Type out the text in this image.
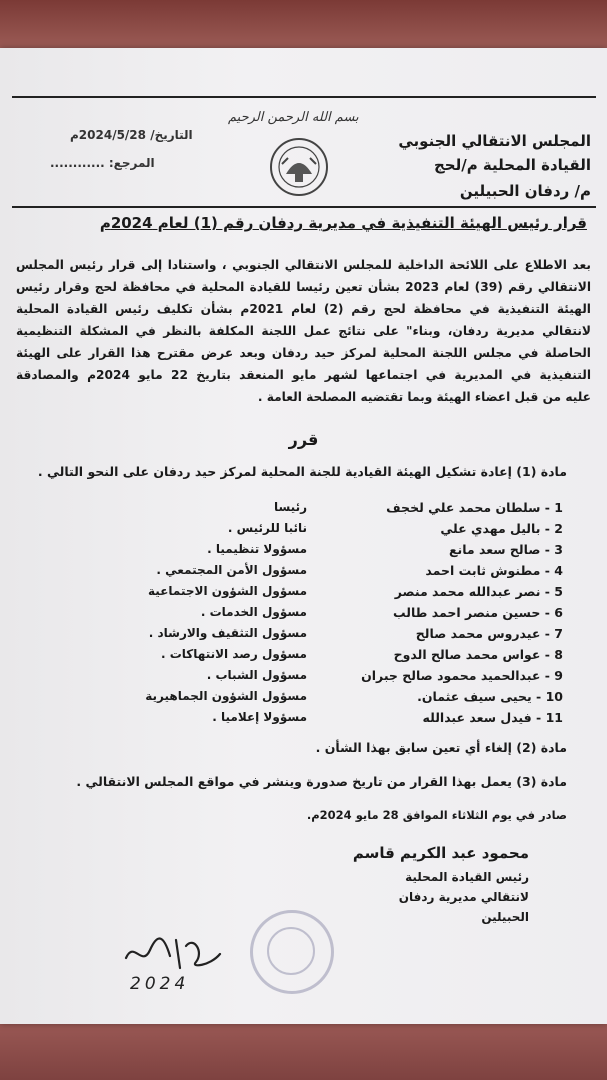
المجلس الانتقالي الجنوبي
القيادة المحلية م/لحج
م/ ردفان الحبيلين
بسم الله الرحمن الرحيم
التاريخ/ 2024/5/28م
المرجع: ............
قرار رئيس الهيئة التنفيذية في مديرية ردفان رقم (1) لعام 2024م
بعد الاطلاع على اللائحة الداخلية للمجلس الانتقالي الجنوبي ، واستنادا إلى قرار رئيس المجلس
الانتقالي رقم (39) لعام 2023 بشأن تعين رئيسا للقيادة المحلية في محافظة لحج وقرار رئيس
الهيئة التنفيذية في محافظة لحج رقم (2) لعام 2021م بشأن تكليف رئيس القيادة المحلية
لانتقالي مديرية ردفان، وبناء" على نتائج عمل اللجنة المكلفة بالنظر في المشكلة التنظيمية
الحاصلة في مجلس اللجنة المحلية لمركز حيد ردفان وبعد عرض مقترح هذا القرار على الهيئة
التنفيذية في المديرية في اجتماعها لشهر مايو المنعقد بتاريخ 22 مايو 2024م والمصادقة
عليه من قبل اعضاء الهيئة وبما تقتضيه المصلحة العامة .
قرر
مادة (1) إعادة تشكيل الهيئة القيادية للجنة المحلية لمركز حيد ردفان على النحو التالي .
1 - سلطان محمد علي لخجف
رئيسا
2 - باليل مهدي علي
نائبا للرئيس .
3 - صالح سعد مانع
مسؤولا تنظيميا .
4 - مطنوش ثابت احمد
مسؤول الأمن المجتمعي .
5 - نصر عبدالله محمد منصر
مسؤول الشؤون الاجتماعية
6 - حسين منصر احمد طالب
مسؤول الخدمات .
7 - عيدروس محمد صالح
مسؤول التثقيف والارشاد .
8 - عواس محمد صالح الدوح
مسؤول رصد الانتهاكات .
9 - عبدالحميد محمود صالح جبران
مسؤول الشباب .
10 - يحيى سيف عثمان.
مسؤول الشؤون الجماهيرية
11 - فيدل سعد عبدالله
مسؤولا إعلاميا .
مادة (2) إلغاء أي تعين سابق بهذا الشأن .
مادة (3) يعمل بهذا القرار من تاريخ صدورة وينشر في مواقع المجلس الانتقالي .
صادر في يوم الثلاثاء الموافق 28 مايو 2024م.
محمود عبد الكريم قاسم
رئيس القيادة المحلية
لانتقالي مديرية ردفان
الحبيلين
2024
